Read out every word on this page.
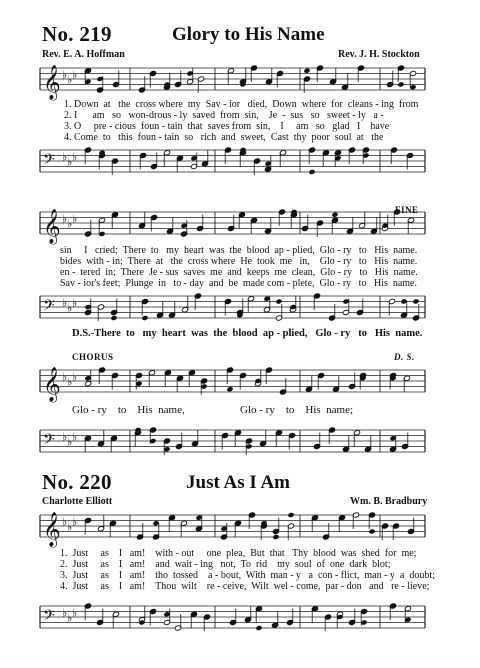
No. 219	Glory to His Name
Rev. E. A. Hoffman	Rev. J. H. Stockton
𝄞 ♭ ♭ ♭
1. Down  at   the  cross where  my  Sav - ior   died,  Down  where  for  cleans - ing  from
2. I      am   so   won-drous - ly  saved  from  sin,    Je  -  sus   so   sweet - ly   a -
3. O     pre - cious  foun - tain  that  saves from  sin,    I     am   so   glad   I    have
4. Come  to   this  foun - tain  so   rich  and  sweet,  Cast  thy  poor  soul  at   the
𝄢 ♭ ♭ ♭
𝄞 ♭ ♭ ♭
FINE
sin     I   cried;  There  to   my  heart  was  the  blood  ap - plied,  Glo - ry   to   His  name.
bides  with - in;  There  at   the  cross where  He  took  me   in,    Glo - ry   to   His  name.
en -  tered  in;  There  Je - sus  saves  me  and  keeps  me  clean,  Glo - ry   to   His  name.
Sav - ior's feet;  Plunge  in   to - day  and  be  made com - plete,  Glo - ry   to   His  name.
𝄢 ♭ ♭ ♭
D.S.-There  to   my  heart  was  the  blood  ap - plied,   Glo - ry   to   His  name.
CHORUS	D. S.
𝄞 ♭ ♭ ♭
Glo - ry    to    His  name,	Glo - ry    to    His  name;
𝄢 ♭ ♭ ♭
No. 220	Just As I Am
Charlotte Elliott	Wm. B. Bradbury
𝄞 ♭ ♭ ♭
1.  Just     as    I   am!    with - out     one  plea,  But  that   Thy  blood  was  shed  for  me;
2.  Just     as    I   am!    and  wait - ing   not,  To  rid    my  soul  of  one  dark  blot;
3.  Just     as    I   am!    tho  tossed    a - bout,  With  man - y   a  con - flict,  man - y  a  doubt;
4.  Just     as    I   am!    Thou  wilt    re - ceive,  Wilt  wel - come,  par - don   and   re - lieve;
𝄢 ♭ ♭ ♭
